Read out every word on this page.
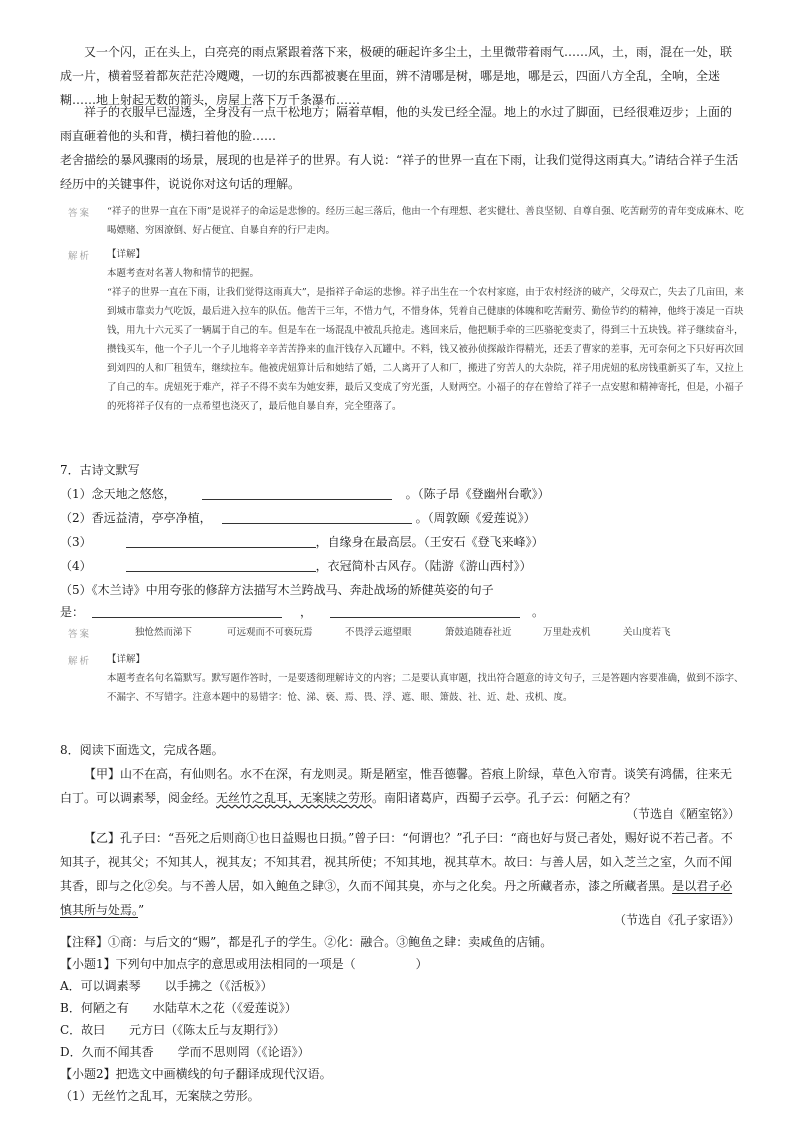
又一个闪，正在头上，白亮亮的雨点紧跟着落下来，极硬的砸起许多尘土，土里微带着雨气……风，土，雨，混在一处，联成一片，横着竖着都灰茫茫冷飕飕，一切的东西都被裹在里面，辨不清哪是树，哪是地，哪是云，四面八方全乱，全响，全迷糊……地上射起无数的箭头，房屋上落下万千条瀑布……

祥子的衣服早已湿透，全身没有一点干松地方；隔着草帽，他的头发已经全湿。地上的水过了脚面，已经很难迈步；上面的雨直砸着他的头和背，横扫着他的脸……

老舍描绘的暴风骤雨的场景，展现的也是祥子的世界。有人说：“祥子的世界一直在下雨，让我们觉得这雨真大。”请结合祥子生活经历中的关键事件，说说你对这句话的理解。

答案 “祥子的世界一直在下雨”是说祥子的命运是悲惨的。经历三起三落后，他由一个有理想、老实健壮、善良坚韧、自尊自强、吃苦耐劳的青年变成麻木、吃喝嫖赌、穷困潦倒、好占便宜、自暴自弃的行尸走肉。

解析 【详解】
本题考查对名著人物和情节的把握。
“祥子的世界一直在下雨，让我们觉得这雨真大”，是指祥子命运的悲惨。祥子出生在一个农村家庭，由于农村经济的破产，父母双亡，失去了几亩田，来到城市靠卖力气吃饭，最后进入拉车的队伍。他苦干三年，不惜力气，不惜身体，凭着自己健康的体魄和吃苦耐劳、勤俭节约的精神，他终于凑足一百块钱，用九十六元买了一辆属于自己的车。但是车在一场混乱中被乱兵抢走。逃回来后，他把顺手牵的三匹骆驼变卖了，得到三十五块钱。祥子继续奋斗，攒钱买车，他一个子儿一个子儿地将辛辛苦苦挣来的血汗钱存入瓦罐中。不料，钱又被孙侦探敲诈得精光，还丢了曹家的差事，无可奈何之下只好再次回到刘四的人和厂租赁车，继续拉车。他被虎妞算计后和她结了婚，二人离开了人和厂，搬进了穷苦人的大杂院，祥子用虎妞的私房钱重新买了车，又拉上了自己的车。虎妞死于难产，祥子不得不卖车为她安葬，最后又变成了穷光蛋，人财两空。小福子的存在曾给了祥子一点安慰和精神寄托，但是，小福子的死将祥子仅有的一点希望也浇灭了，最后他自暴自弃，完全堕落了。

7．古诗文默写

（1）念天地之悠悠，	。（陈子昂《登幽州台歌》）
（2）香远益清，亭亭净植，	。（周敦颐《爱莲说》）
（3）	，自缘身在最高层。（王安石《登飞来峰》）
（4）	，衣冠简朴古风存。（陆游《游山西村》）
（5）《木兰诗》中用夸张的修辞方法描写木兰跨战马、奔赴战场的矫健英姿的句子
是：	，	。
答案	独怆然而涕下	可远观而不可亵玩焉	不畏浮云遮望眼	箫鼓追随春社近	万里赴戎机	关山度若飞
解析 【详解】
本题考查名句名篇默写。默写题作答时，一是要透彻理解诗文的内容；二是要认真审题，找出符合题意的诗文句子，三是答题内容要准确，做到不添字、不漏字、不写错字。注意本题中的易错字：怆、涕、亵、焉、畏、浮、遮、眼、箫鼓、社、近、赴、戎机、度。

8．阅读下面选文，完成各题。

【甲】山不在高，有仙则名。水不在深，有龙则灵。斯是陋室，惟吾德馨。苔痕上阶绿，草色入帘青。谈笑有鸿儒，往来无白丁。可以调素琴，阅金经。无丝竹之乱耳，无案牍之劳形。南阳诸葛庐，西蜀子云亭。孔子云：何陋之有？

（节选自《陋室铭》）

【乙】孔子曰：“吾死之后则商①也日益赐也日损。”曾子曰：“何谓也？”孔子曰：“商也好与贤己者处，赐好说不若己者。不知其子，视其父；不知其人，视其友；不知其君，视其所使；不知其地，视其草木。故曰：与善人居，如入芝兰之室，久而不闻其香，即与之化②矣。与不善人居，如入鲍鱼之肆③，久而不闻其臭，亦与之化矣。丹之所藏者赤，漆之所藏者黑。是以君子必慎其所与处焉。”

（节选自《孔子家语》）

【注释】①商：与后文的“赐”，都是孔子的学生。②化：融合。③鲍鱼之肆：卖咸鱼的店铺。

【小题1】下列句中加点字的意思或用法相同的一项是（　　　　　）

A．可以调素琴　　以手拂之（《活板》）

B．何陋之有　　水陆草木之花（《爱莲说》）

C．故曰　　元方曰（《陈太丘与友期行》）

D．久而不闻其香　　学而不思则罔（《论语》）

【小题2】把选文中画横线的句子翻译成现代汉语。

（1）无丝竹之乱耳，无案牍之劳形。
